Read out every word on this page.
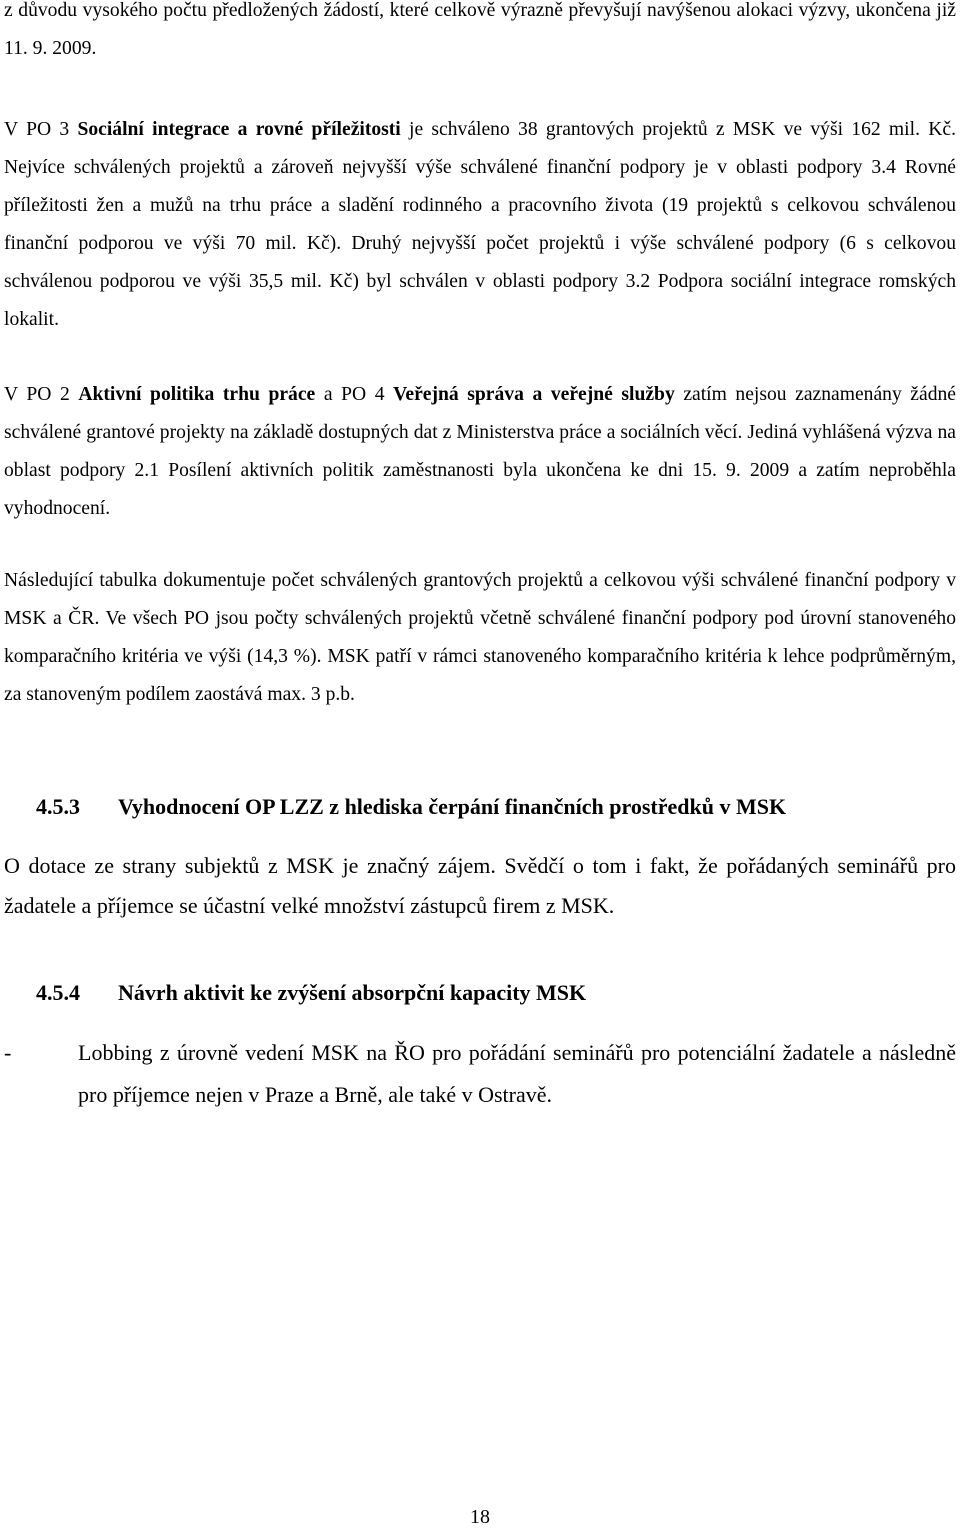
z důvodu vysokého počtu předložených žádostí, které celkově výrazně převyšují navýšenou alokaci výzvy, ukončena již 11. 9. 2009.

V PO 3 Sociální integrace a rovné příležitosti je schváleno 38 grantových projektů z MSK ve výši 162 mil. Kč. Nejvíce schválených projektů a zároveň nejvyšší výše schválené finanční podpory je v oblasti podpory 3.4 Rovné příležitosti žen a mužů na trhu práce a sladění rodinného a pracovního života (19 projektů s celkovou schválenou finanční podporou ve výši 70 mil. Kč). Druhý nejvyšší počet projektů i výše schválené podpory (6 s celkovou schválenou podporou ve výši 35,5 mil. Kč) byl schválen v oblasti podpory 3.2 Podpora sociální integrace romských lokalit.

V PO 2 Aktivní politika trhu práce a PO 4 Veřejná správa a veřejné služby zatím nejsou zaznamenány žádné schválené grantové projekty na základě dostupných dat z Ministerstva práce a sociálních věcí. Jediná vyhlášená výzva na oblast podpory 2.1 Posílení aktivních politik zaměstnanosti byla ukončena ke dni 15. 9. 2009 a zatím neproběhla vyhodnocení.

Následující tabulka dokumentuje počet schválených grantových projektů a celkovou výši schválené finanční podpory v MSK a ČR. Ve všech PO jsou počty schválených projektů včetně schválené finanční podpory pod úrovní stanoveného komparačního kritéria ve výši (14,3 %). MSK patří v rámci stanoveného komparačního kritéria k lehce podprůměrným, za stanoveným podílem zaostává max. 3 p.b.

4.5.3 Vyhodnocení OP LZZ z hlediska čerpání finančních prostředků v MSK

O dotace ze strany subjektů z MSK je značný zájem. Svědčí o tom i fakt, že pořádaných seminářů pro žadatele a příjemce se účastní velké množství zástupců firem z MSK.

4.5.4 Návrh aktivit ke zvýšení absorpční kapacity MSK
-	Lobbing z úrovně vedení MSK na ŘO pro pořádání seminářů pro potenciální žadatele a následně pro příjemce nejen v Praze a Brně, ale také v Ostravě.
18
